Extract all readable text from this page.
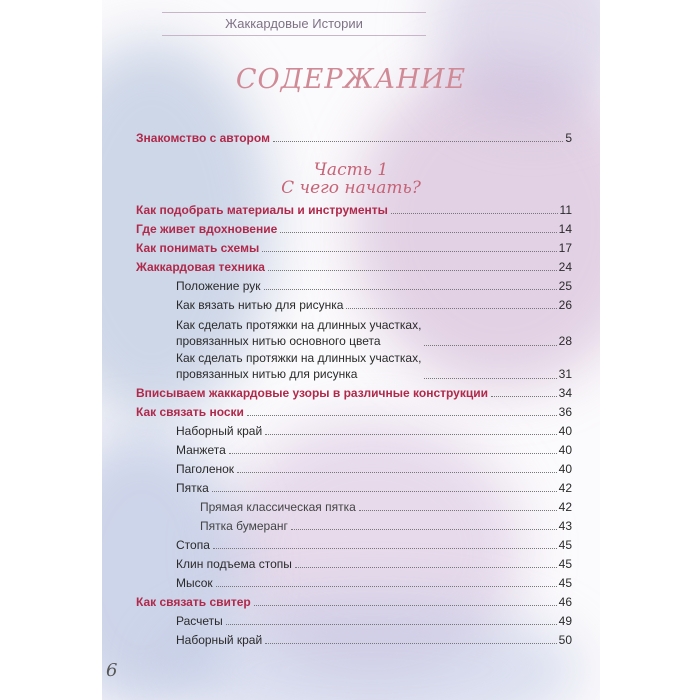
Жаккардовые Истории
СОДЕРЖАНИЕ
Знакомство с автором	5
Часть 1
С чего начать?
Как подобрать материалы и инструменты	11
Где живет вдохновение	14
Как понимать схемы	17
Жаккардовая техника	24
Положение рук	25
Как вязать нитью для рисунка	26
Как сделать протяжки на длинных участках,
провязанных нитью основного цвета	28
Как сделать протяжки на длинных участках,
провязанных нитью для рисунка	31
Вписываем жаккардовые узоры в различные конструкции	34
Как связать носки	36
Наборный край	40
Манжета	40
Паголенок	40
Пятка	42
Прямая классическая пятка	42
Пятка бумеранг	43
Стопа	45
Клин подъема стопы	45
Мысок	45
Как связать свитер	46
Расчеты	49
Наборный край	50
6
